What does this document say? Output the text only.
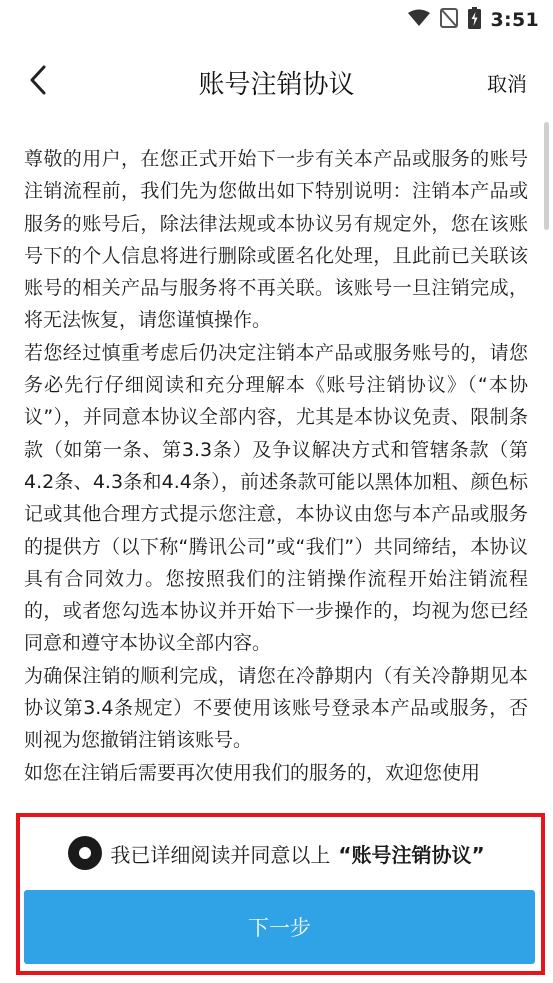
3:51
账号注销协议	取消

尊敬的用户，在您正式开始下一步有关本产品或服务的账号注销流程前，我们先为您做出如下特别说明：注销本产品或服务的账号后，除法律法规或本协议另有规定外，您在该账号下的个人信息将进行删除或匿名化处理，且此前已关联该账号的相关产品与服务将不再关联。该账号一旦注销完成，将无法恢复，请您谨慎操作。

若您经过慎重考虑后仍决定注销本产品或服务账号的，请您务必先行仔细阅读和充分理解本《账号注销协议》（“本协议”），并同意本协议全部内容，尤其是本协议免责、限制条款（如第一条、第3.3条）及争议解决方式和管辖条款（第4.2条、4.3条和4.4条），前述条款可能以黑体加粗、颜色标记或其他合理方式提示您注意，本协议由您与本产品或服务的提供方（以下称“腾讯公司”或“我们”）共同缔结，本协议具有合同效力。您按照我们的注销操作流程开始注销流程的，或者您勾选本协议并开始下一步操作的，均视为您已经同意和遵守本协议全部内容。

为确保注销的顺利完成，请您在冷静期内（有关冷静期见本协议第3.4条规定）不要使用该账号登录本产品或服务，否则视为您撤销注销该账号。

如您在注销后需要再次使用我们的服务的，欢迎您使用

我已详细阅读并同意以上 “账号注销协议”
下一步
